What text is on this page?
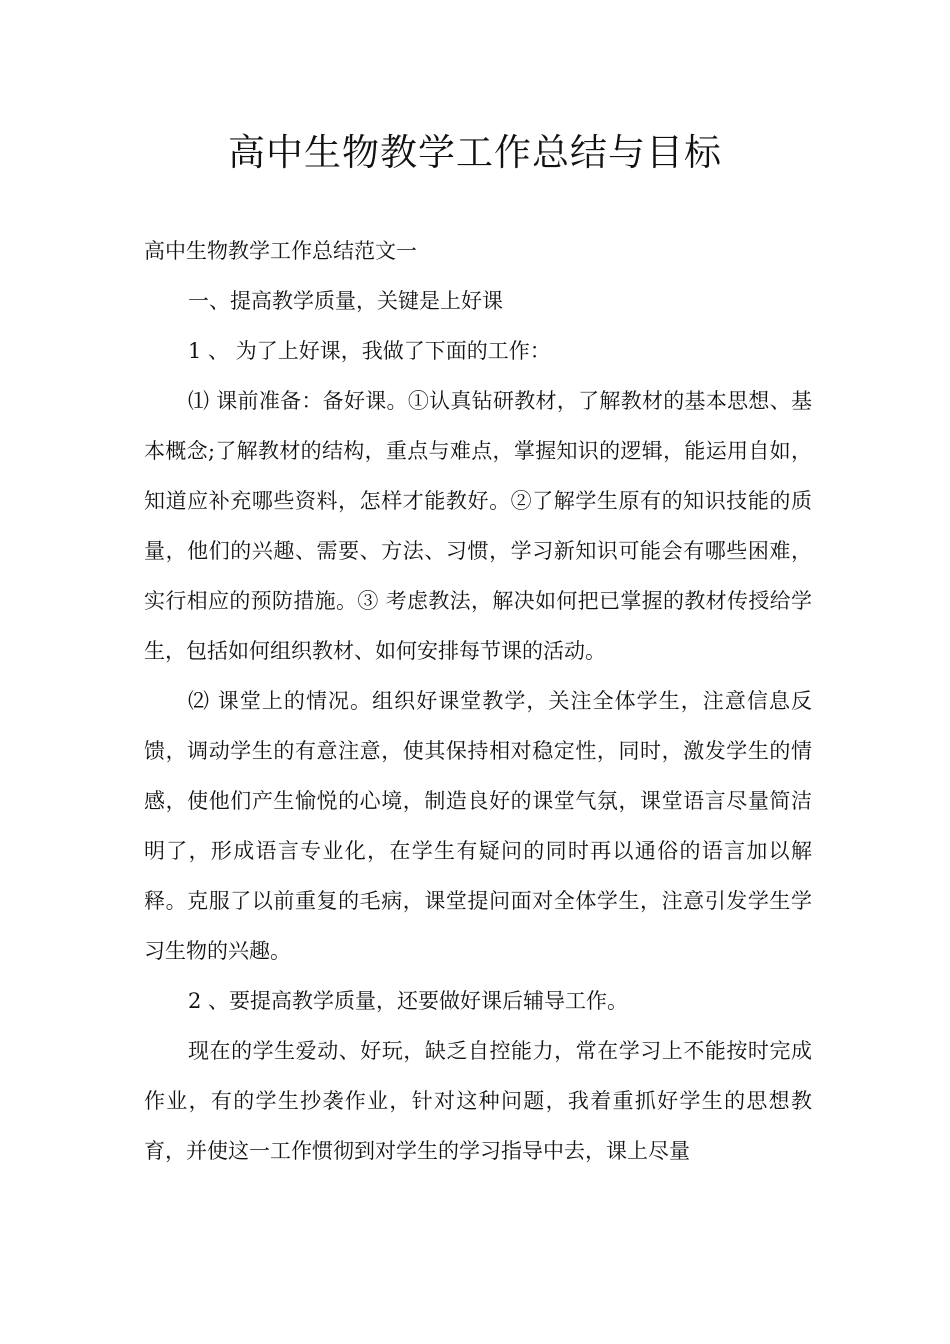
高中生物教学工作总结与目标

高中生物教学工作总结范文一

一、提高教学质量，关键是上好课

1 、 为了上好课，我做了下面的工作：

⑴ 课前准备：备好课。①认真钻研教材，了解教材的基本思想、基本概念;了解教材的结构，重点与难点，掌握知识的逻辑，能运用自如，知道应补充哪些资料，怎样才能教好。②了解学生原有的知识技能的质量，他们的兴趣、需要、方法、习惯，学习新知识可能会有哪些困难，实行相应的预防措施。③ 考虑教法，解决如何把已掌握的教材传授给学生，包括如何组织教材、如何安排每节课的活动。

⑵ 课堂上的情况。组织好课堂教学，关注全体学生，注意信息反馈，调动学生的有意注意，使其保持相对稳定性，同时，激发学生的情感，使他们产生愉悦的心境，制造良好的课堂气氛，课堂语言尽量简洁明了，形成语言专业化，在学生有疑问的同时再以通俗的语言加以解释。克服了以前重复的毛病，课堂提问面对全体学生，注意引发学生学习生物的兴趣。

2 、要提高教学质量，还要做好课后辅导工作。

现在的学生爱动、好玩，缺乏自控能力，常在学习上不能按时完成作业，有的学生抄袭作业，针对这种问题，我着重抓好学生的思想教育，并使这一工作惯彻到对学生的学习指导中去，课上尽量
